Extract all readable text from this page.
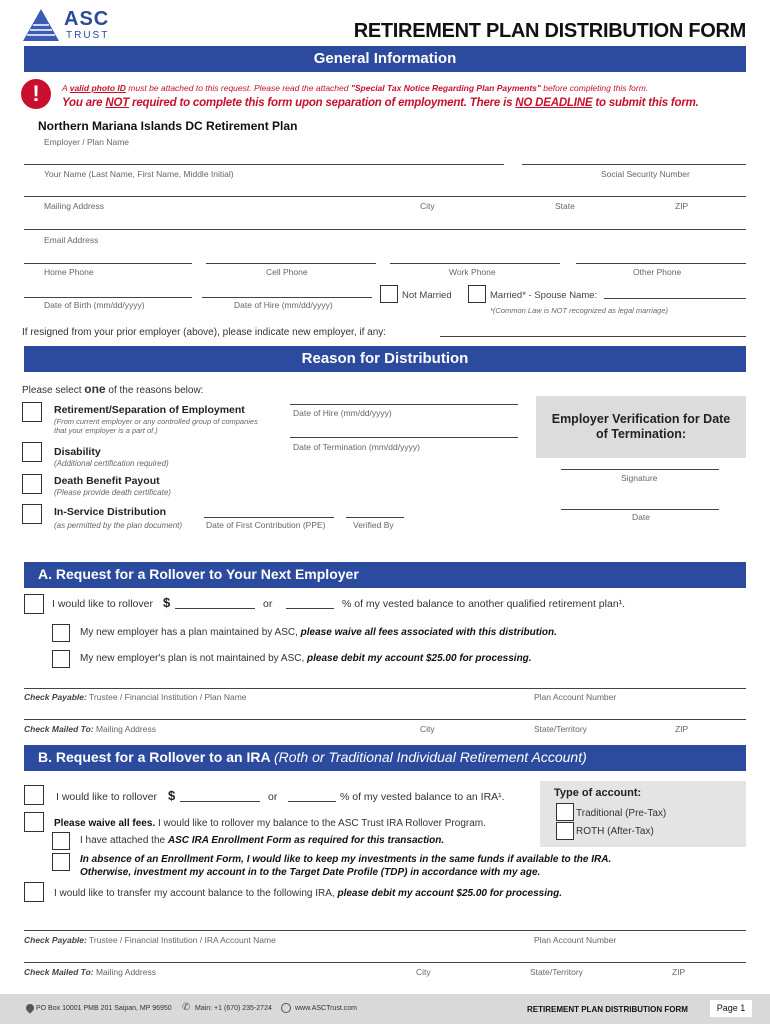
ASC
TRUST	RETIREMENT PLAN DISTRIBUTION FORM
General Information
!	A valid photo ID must be attached to this request. Please read the attached "Special Tax Notice Regarding Plan Payments" before completing this form.
You are NOT required to complete this form upon separation of employment. There is NO DEADLINE to submit this form.
Northern Mariana Islands DC Retirement Plan
Employer / Plan Name
Your Name (Last Name, First Name, Middle Initial)	Social Security Number
Mailing Address	City	State	ZIP
Email Address
Home Phone	Cell Phone	Work Phone	Other Phone
Date of Birth (mm/dd/yyyy)	Date of Hire (mm/dd/yyyy)
Not Married	Married* - Spouse Name:
*(Common Law is NOT recognized as legal marriage)
If resigned from your prior employer (above), please indicate new employer, if any:
Reason for Distribution
Please select one of the reasons below:
Retirement/Separation of Employment
(From current employer or any controlled group of companies that your employer is a part of.)
Disability
(Additional certification required)
Death Benefit Payout
(Please provide death certificate)
In-Service Distribution
(as permitted by the plan document)
Date of Hire (mm/dd/yyyy)
Date of Termination (mm/dd/yyyy)
Date of First Contribution (PPE)	Verified By
Employer Verification for Date of Termination:
Signature
Date
A. Request for a Rollover to Your Next Employer
I would like to rollover $	or	% of my vested balance to another qualified retirement plan¹.
My new employer has a plan maintained by ASC, please waive all fees associated with this distribution.
My new employer's plan is not maintained by ASC, please debit my account $25.00 for processing.
Check Payable: Trustee / Financial Institution / Plan Name	Plan Account Number
Check Mailed To: Mailing Address	City	State/Territory	ZIP
B. Request for a Rollover to an IRA (Roth or Traditional Individual Retirement Account)
I would like to rollover $	or	% of my vested balance to an IRA¹.	Type of account:
Traditional (Pre-Tax)
ROTH (After-Tax)
Please waive all fees. I would like to rollover my balance to the ASC Trust IRA Rollover Program.
I have attached the ASC IRA Enrollment Form as required for this transaction.
In absence of an Enrollment Form, I would like to keep my investments in the same funds if available to the IRA.
Otherwise, investment my account in to the Target Date Profile (TDP) in accordance with my age.
I would like to transfer my account balance to the following IRA, please debit my account $25.00 for processing.
Check Payable: Trustee / Financial Institution / IRA Account Name	Plan Account Number
Check Mailed To: Mailing Address	City	State/Territory	ZIP
PO Box 10001 PMB 201 Saipan, MP 96950 ✆ Main: +1 (670) 235-2724	www.ASCTrust.com	RETIREMENT PLAN DISTRIBUTION FORM	Page 1
